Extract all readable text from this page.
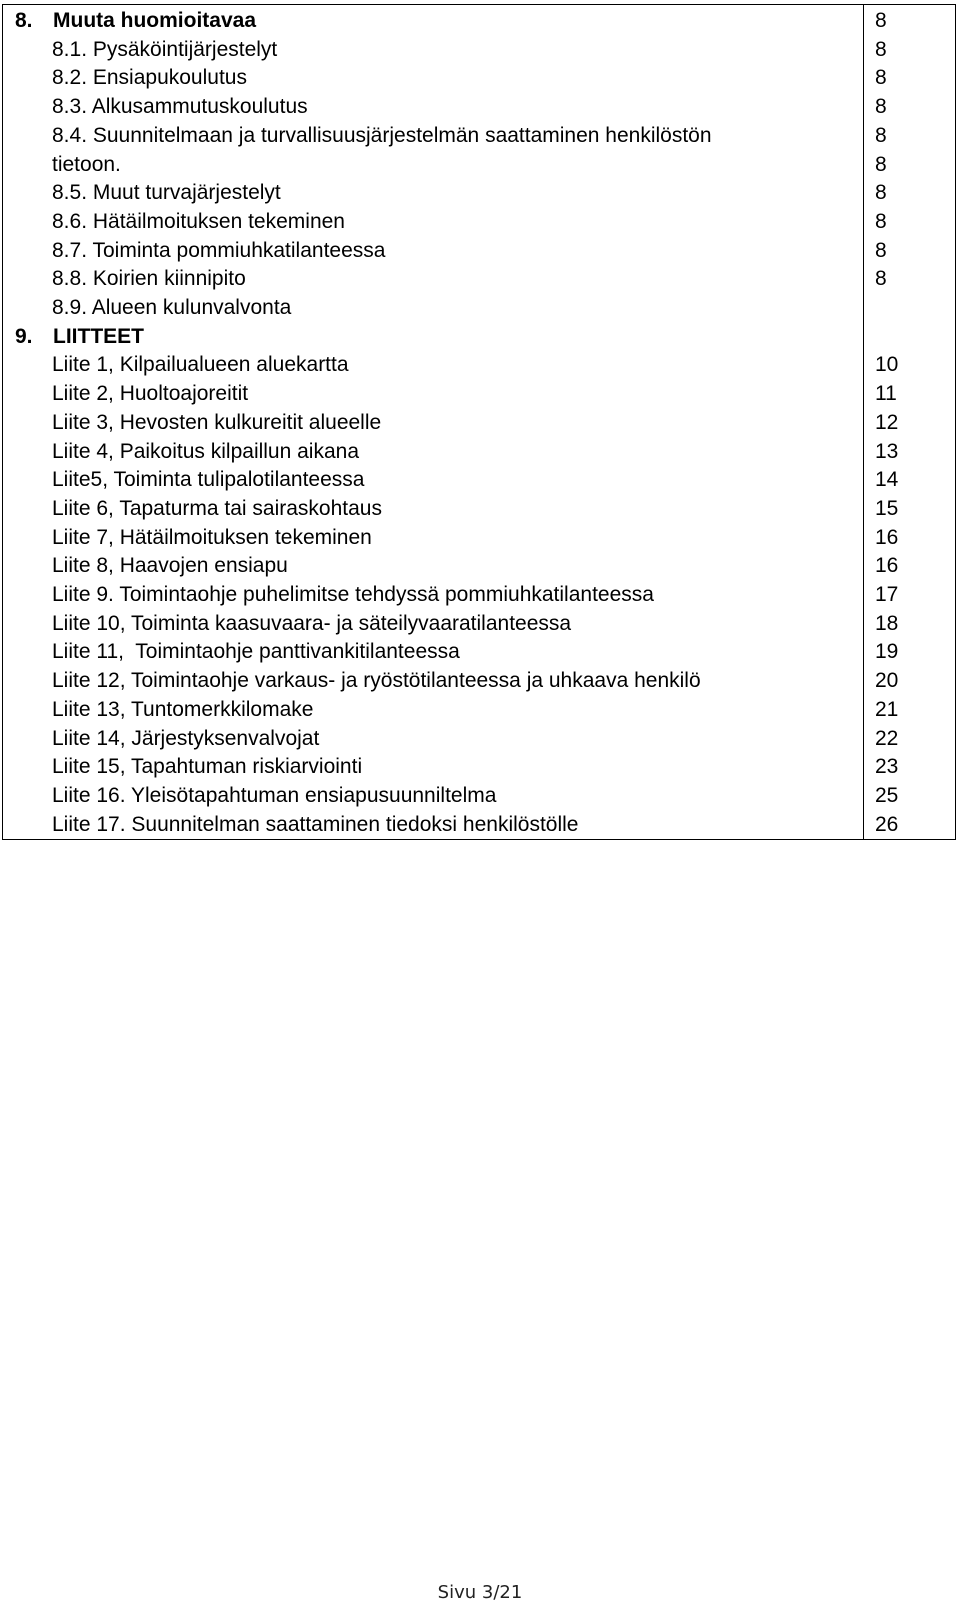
8. Muuta huomioitavaa	8
8.1. Pysäköintijärjestelyt	8
8.2. Ensiapukoulutus	8
8.3. Alkusammutuskoulutus	8
8.4. Suunnitelmaan ja turvallisuusjärjestelmän saattaminen henkilöstön	8
tietoon.	8
8.5. Muut turvajärjestelyt	8
8.6. Hätäilmoituksen tekeminen	8
8.7. Toiminta pommiuhkatilanteessa	8
8.8. Koirien kiinnipito	8
8.9. Alueen kulunvalvonta
9. LIITTEET
Liite 1, Kilpailualueen aluekartta	10
Liite 2, Huoltoajoreitit	11
Liite 3, Hevosten kulkureitit alueelle	12
Liite 4, Paikoitus kilpaillun aikana	13
Liite5, Toiminta tulipalotilanteessa	14
Liite 6, Tapaturma tai sairaskohtaus	15
Liite 7, Hätäilmoituksen tekeminen	16
Liite 8, Haavojen ensiapu	16
Liite 9. Toimintaohje puhelimitse tehdyssä pommiuhkatilanteessa	17
Liite 10, Toiminta kaasuvaara- ja säteilyvaaratilanteessa	18
Liite 11,  Toimintaohje panttivankitilanteessa	19
Liite 12, Toimintaohje varkaus- ja ryöstötilanteessa ja uhkaava henkilö	20
Liite 13, Tuntomerkkilomake	21
Liite 14, Järjestyksenvalvojat	22
Liite 15, Tapahtuman riskiarviointi	23
Liite 16. Yleisötapahtuman ensiapusuunniltelma	25
Liite 17. Suunnitelman saattaminen tiedoksi henkilöstölle	26
Sivu 3/21
